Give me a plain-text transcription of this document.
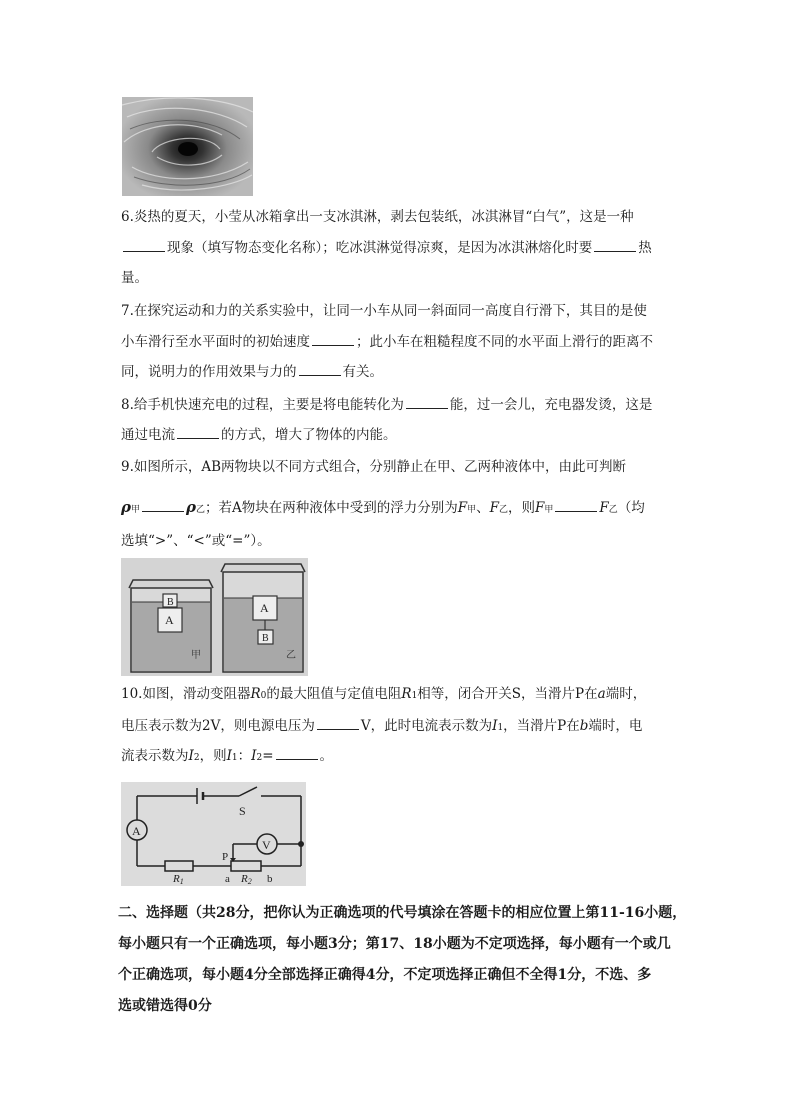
6.炎热的夏天，小莹从冰箱拿出一支冰淇淋，剥去包装纸，冰淇淋冒“白气”，这是一种
现象（填写物态变化名称）；吃冰淇淋觉得凉爽，是因为冰淇淋熔化时要	热
量。
7.在探究运动和力的关系实验中，让同一小车从同一斜面同一高度自行滑下，其目的是使
小车滑行至水平面时的初始速度	；此小车在粗糙程度不同的水平面上滑行的距离不
同，说明力的作用效果与力的	有关。
8.给手机快速充电的过程，主要是将电能转化为	能，过一会儿，充电器发烫，这是
通过电流	的方式，增大了物体的内能。
9.如图所示，AB两物块以不同方式组合，分别静止在甲、乙两种液体中，由此可判断
ρ甲	ρ乙；若A物块在两种液体中受到的浮力分别为F甲、F乙，则F甲	F乙（均
选填“>”、“<”或“=”）。
B
A
甲
A
B
乙
10.如图，滑动变阻器R0的最大阻值与定值电阻R1相等，闭合开关S，当滑片P在a端时，
电压表示数为2V，则电源电压为	V，此时电流表示数为I1，当滑片P在b端时，电
流表示数为I2，则I1：I2=	。
A
V
S
P
R1	a R2 b
二、选择题（共28分，把你认为正确选项的代号填涂在答题卡的相应位置上第11-16小题，
每小题只有一个正确选项，每小题3分；第17、18小题为不定项选择，每小题有一个或几
个正确选项，每小题4分全部选择正确得4分，不定项选择正确但不全得1分，不选、多
选或错选得0分
